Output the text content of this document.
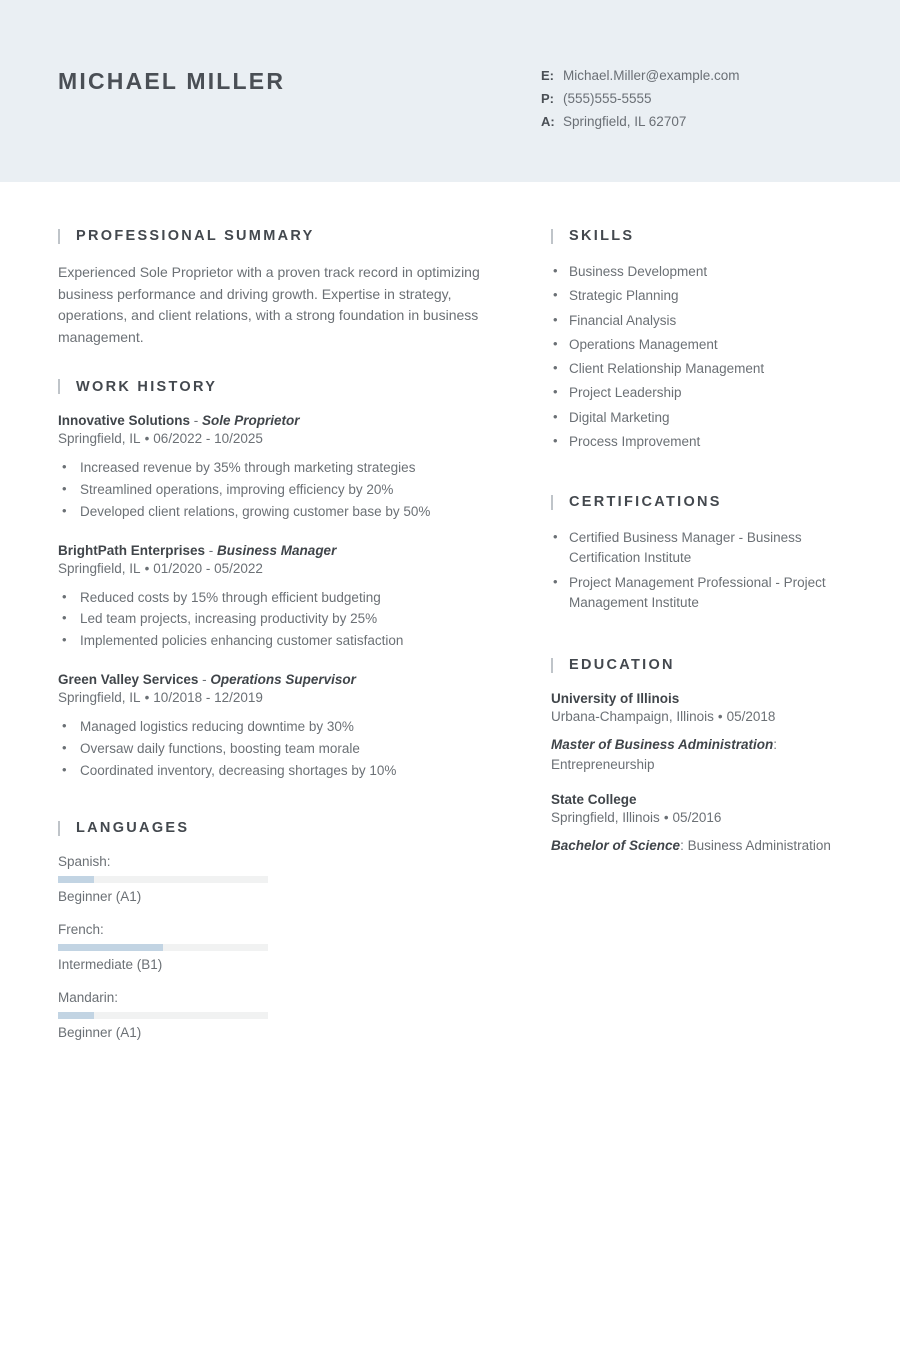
MICHAEL MILLER	E: Michael.Miller@example.com
P: (555)555-5555
A: Springfield, IL 62707
PROFESSIONAL SUMMARY

Experienced Sole Proprietor with a proven track record in optimizing business performance and driving growth. Expertise in strategy, operations, and client relations, with a strong foundation in business management.

WORK HISTORY
Innovative Solutions - Sole Proprietor
Springfield, IL • 06/2022 - 10/2025
• Increased revenue by 35% through marketing strategies
• Streamlined operations, improving efficiency by 20%
• Developed client relations, growing customer base by 50%
BrightPath Enterprises - Business Manager
Springfield, IL • 01/2020 - 05/2022
• Reduced costs by 15% through efficient budgeting
• Led team projects, increasing productivity by 25%
• Implemented policies enhancing customer satisfaction
Green Valley Services - Operations Supervisor
Springfield, IL • 10/2018 - 12/2019
• Managed logistics reducing downtime by 30%
• Oversaw daily functions, boosting team morale
• Coordinated inventory, decreasing shortages by 10%
LANGUAGES
Spanish:
Beginner (A1)
French:
Intermediate (B1)
Mandarin:
Beginner (A1)
SKILLS
• Business Development
• Strategic Planning
• Financial Analysis
• Operations Management
• Client Relationship Management
• Project Leadership
• Digital Marketing
• Process Improvement
CERTIFICATIONS
• Certified Business Manager - Business Certification Institute
• Project Management Professional - Project Management Institute
EDUCATION
University of Illinois
Urbana-Champaign, Illinois • 05/2018
Master of Business Administration: Entrepreneurship
State College
Springfield, Illinois • 05/2016
Bachelor of Science: Business Administration
